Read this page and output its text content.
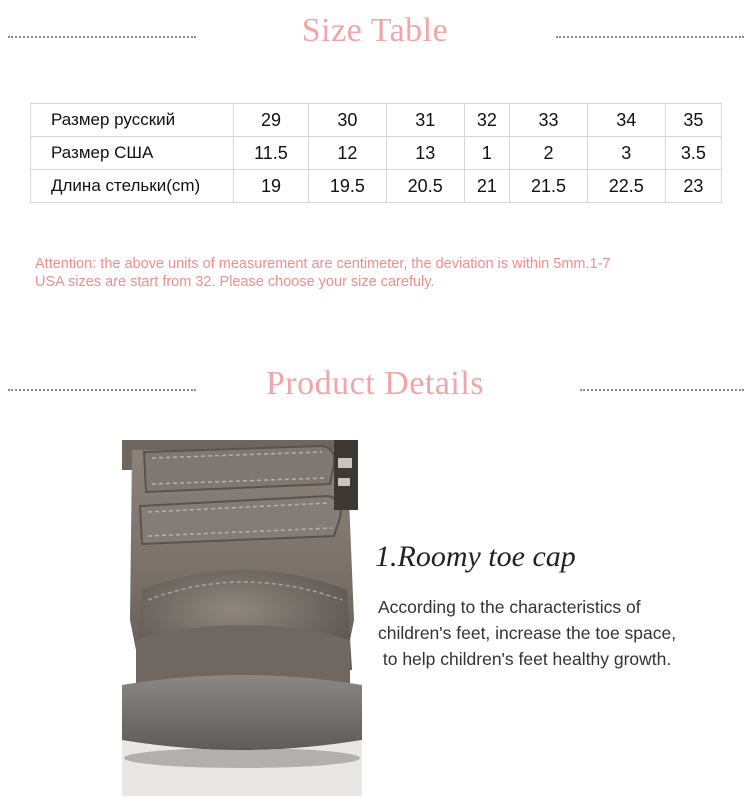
Size Table
Размер русский	29	30	31	32	33	34	35
Размер США	11.5	12	13	1	2	3	3.5
Длина стельки(cm)	19	19.5	20.5	21	21.5	22.5	23
Attention: the above units of measurement are centimeter, the deviation is within 5mm.1-7
USA sizes are start from 32. Please choose your size carefuly.
Product Details
1.Roomy toe cap
According to the characteristics of
children's feet, increase the toe space,
to help children's feet healthy growth.
